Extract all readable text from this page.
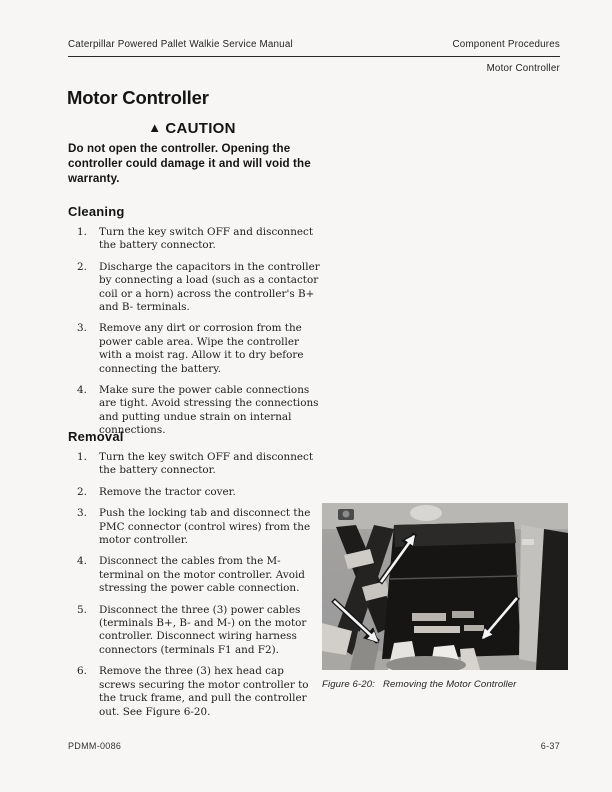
Caterpillar Powered Pallet Walkie Service Manual	Component Procedures
Motor Controller
Motor Controller
▲ CAUTION

Do not open the controller. Opening the controller could damage it and will void the warranty.

Cleaning
1. Turn the key switch OFF and disconnect the battery connector.
2. Discharge the capacitors in the controller by connecting a load (such as a contactor coil or a horn) across the controller's B+ and B- terminals.
3. Remove any dirt or corrosion from the power cable area. Wipe the controller with a moist rag. Allow it to dry before connecting the battery.
4. Make sure the power cable connections are tight. Avoid stressing the connections and putting undue strain on internal connections.
Removal
1. Turn the key switch OFF and disconnect the battery connector.
2. Remove the tractor cover.
3. Push the locking tab and disconnect the PMC connector (control wires) from the motor controller.
4. Disconnect the cables from the M- terminal on the motor controller. Avoid stressing the power cable connection.
5. Disconnect the three (3) power cables (terminals B+, B- and M-) on the motor controller. Disconnect wiring harness connectors (terminals F1 and F2).
6. Remove the three (3) hex head cap screws securing the motor controller to the truck frame, and pull the controller out. See Figure 6-20.
Figure 6-20: Removing the Motor Controller
PDMM-0086	6-37
